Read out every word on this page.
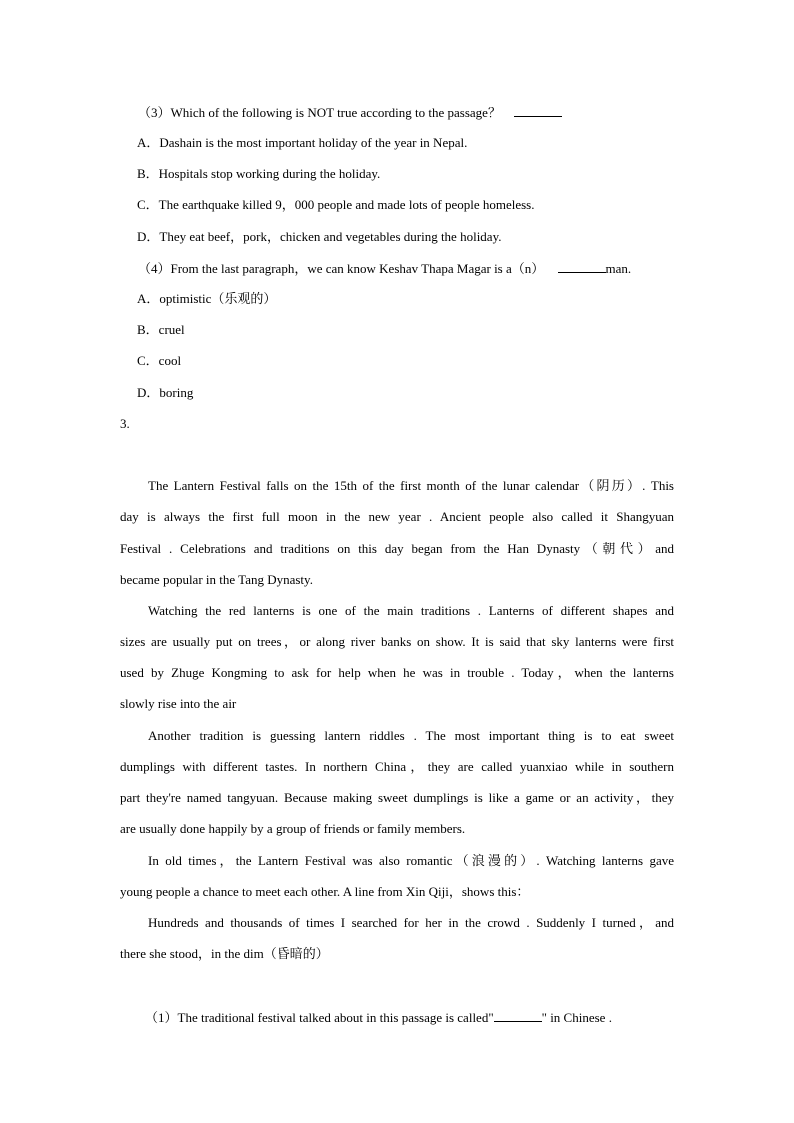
（3）Which of the following is NOT true according to the passage？
A．Dashain is the most important holiday of the year in Nepal.
B．Hospitals stop working during the holiday.
C．The earthquake killed 9，000 people and made lots of people homeless.
D．They eat beef，pork，chicken and vegetables during the holiday.
（4）From the last paragraph，we can know Keshav Thapa Magar is a（n）	man.
A．optimistic（乐观的）
B．cruel
C．cool
D．boring
3.
The Lantern Festival falls on the 15th of the first month of the lunar calendar（阴历）. This
day is always the first full moon in the new year . Ancient people also called it Shangyuan
Festival . Celebrations and traditions on this day began from the Han Dynasty（朝代）and
became popular in the Tang Dynasty.
Watching the red lanterns is one of the main traditions . Lanterns of different shapes and
sizes are usually put on trees，or along river banks on show. It is said that sky lanterns were first
used by Zhuge Kongming to ask for help when he was in trouble . Today，when the lanterns
slowly rise into the air
Another tradition is guessing lantern riddles . The most important thing is to eat sweet
dumplings with different tastes. In northern China，they are called yuanxiao while in southern
part they're named tangyuan. Because making sweet dumplings is like a game or an activity，they
are usually done happily by a group of friends or family members.
In old times，the Lantern Festival was also romantic（浪漫的）. Watching lanterns gave
young people a chance to meet each other. A line from Xin Qiji，shows this：
Hundreds and thousands of times I searched for her in the crowd . Suddenly I turned，and
there she stood，in the dim（昏暗的）
（1）The traditional festival talked about in this passage is called"	" in Chinese .
